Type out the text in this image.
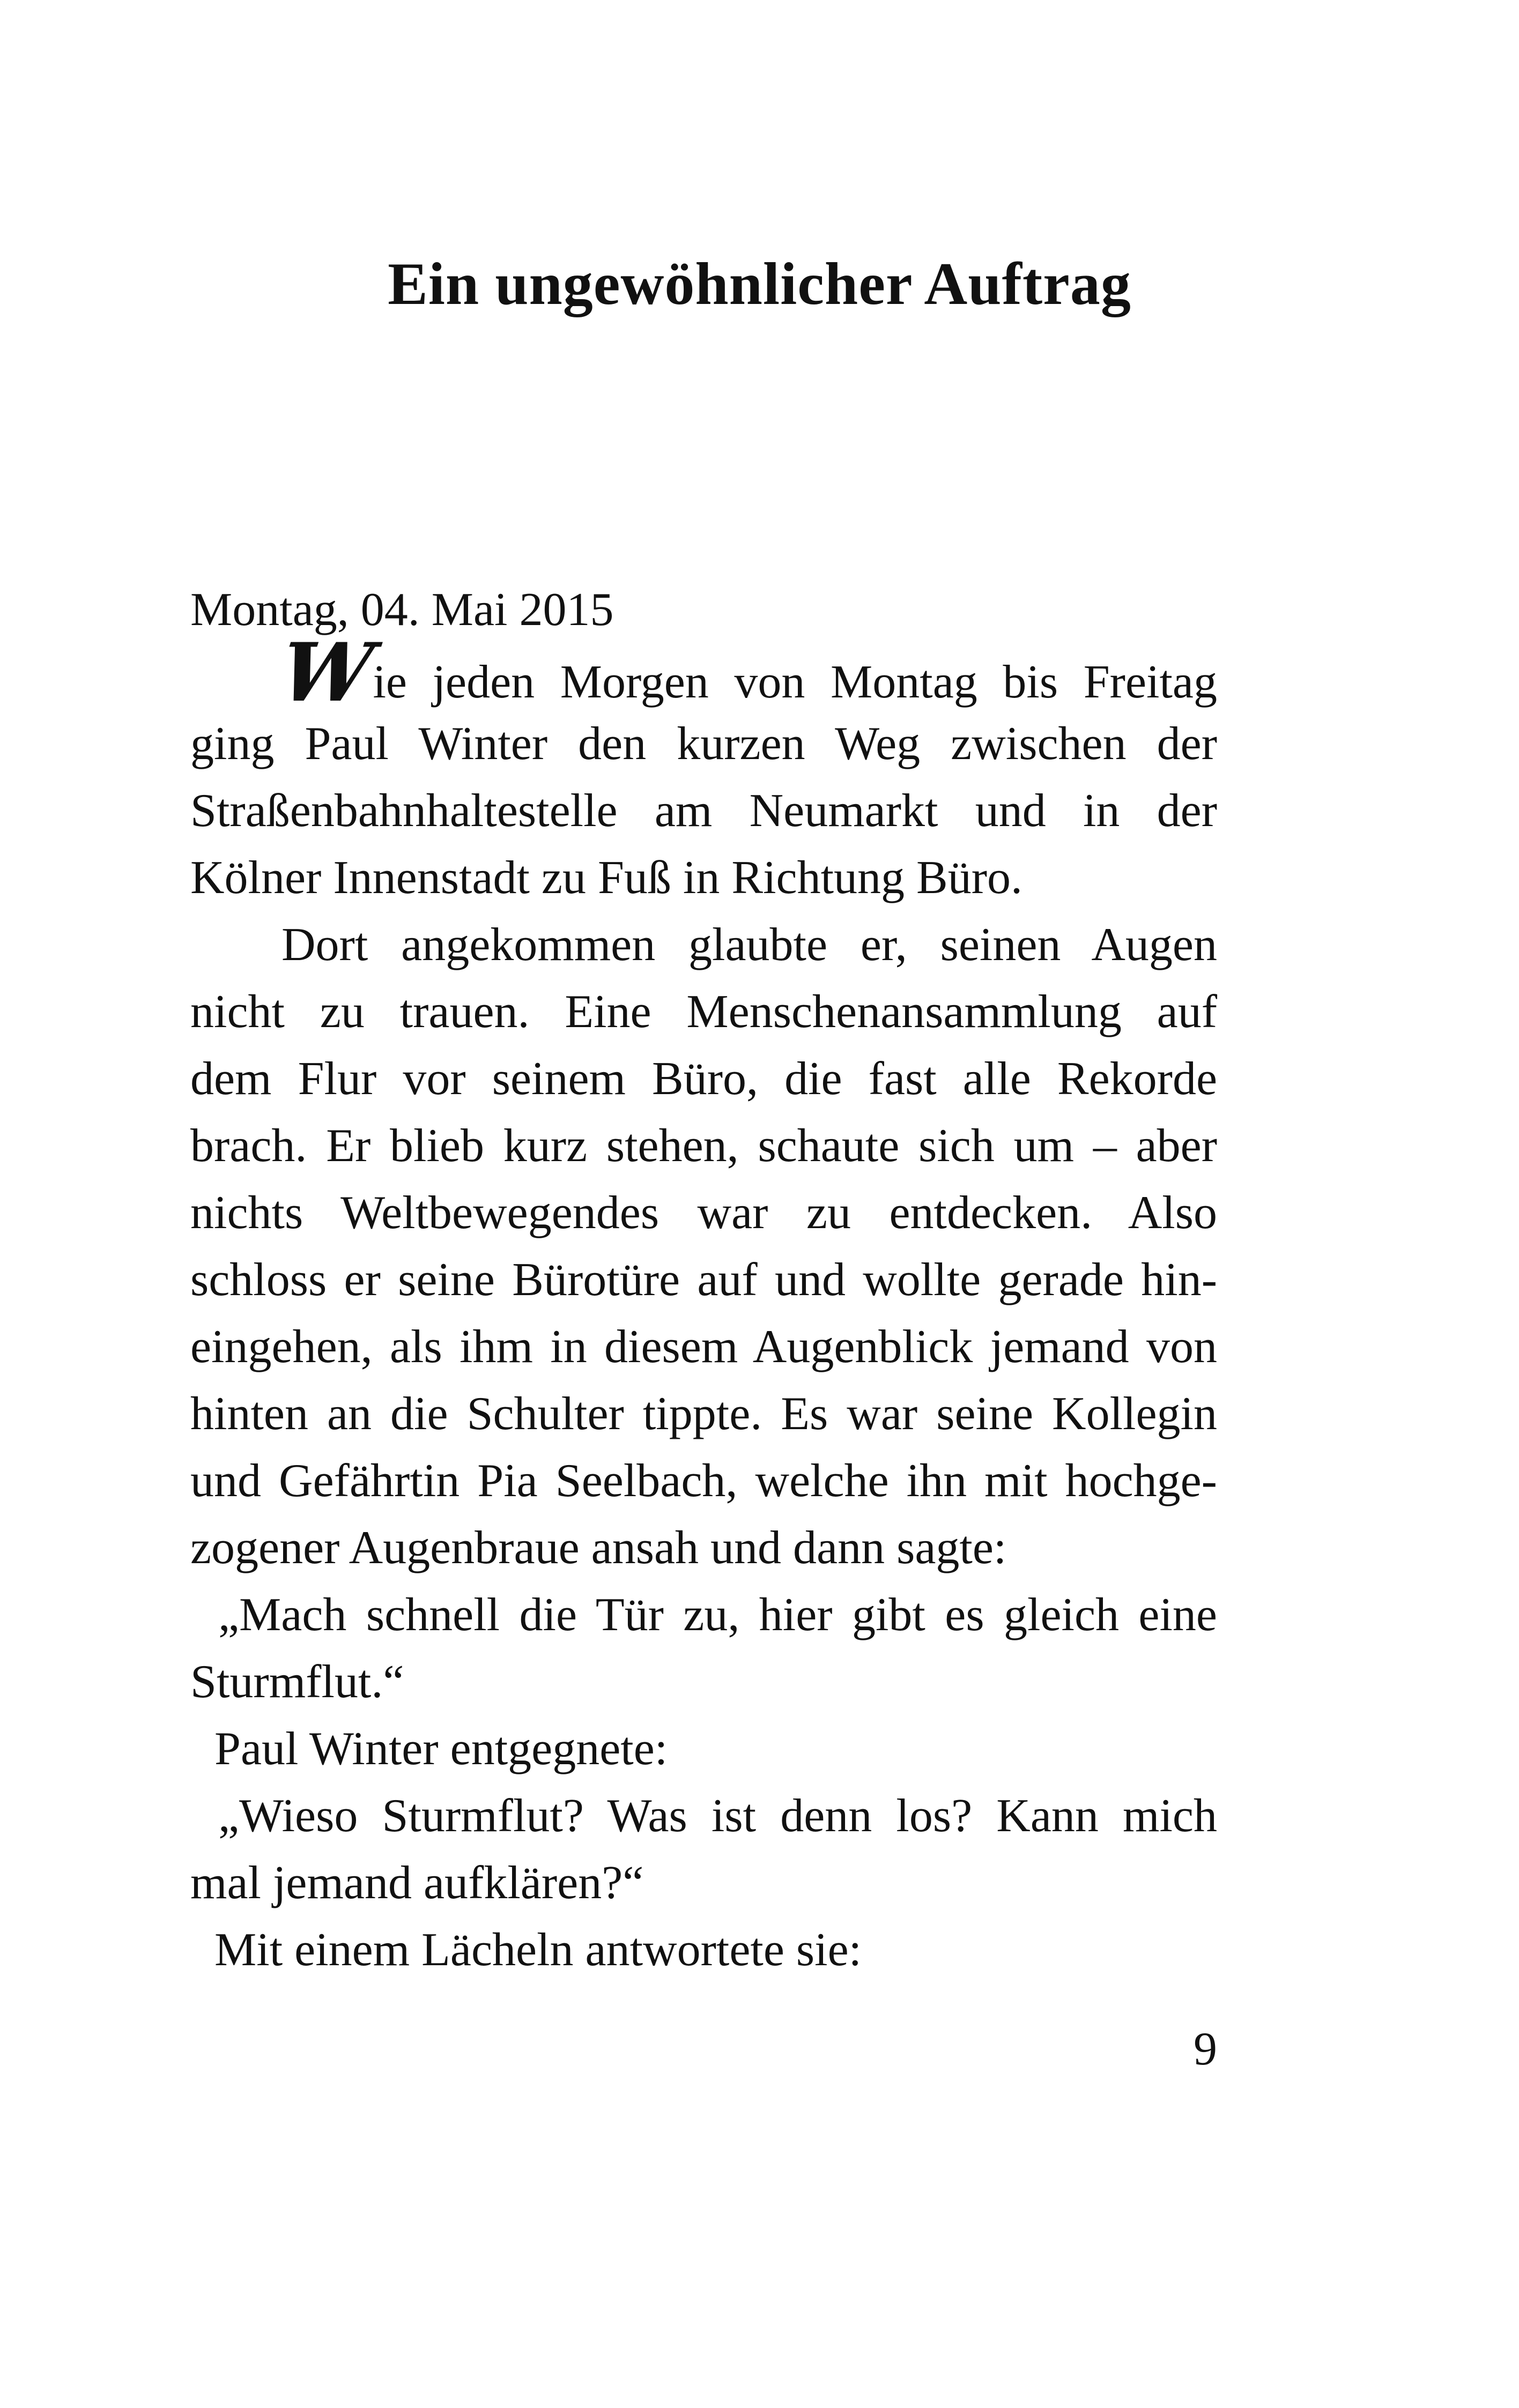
Ein ungewöhnlicher Auftrag
Montag, 04. Mai 2015
Wie jeden Morgen von Montag bis Freitag
ging Paul Winter den kurzen Weg zwischen der
Straßenbahnhaltestelle am Neumarkt und in der
Kölner Innenstadt zu Fuß in Richtung Büro.
Dort angekommen glaubte er, seinen Augen
nicht zu trauen. Eine Menschenansammlung auf
dem Flur vor seinem Büro, die fast alle Rekorde
brach. Er blieb kurz stehen, schaute sich um – aber
nichts Weltbewegendes war zu entdecken. Also
schloss er seine Bürotüre auf und wollte gerade hin-
eingehen, als ihm in diesem Augenblick jemand von
hinten an die Schulter tippte. Es war seine Kollegin
und Gefährtin Pia Seelbach, welche ihn mit hochge-
zogener Augenbraue ansah und dann sagte:
„Mach schnell die Tür zu, hier gibt es gleich eine
Sturmflut.“
Paul Winter entgegnete:
„Wieso Sturmflut? Was ist denn los? Kann mich
mal jemand aufklären?“
Mit einem Lächeln antwortete sie:
9
